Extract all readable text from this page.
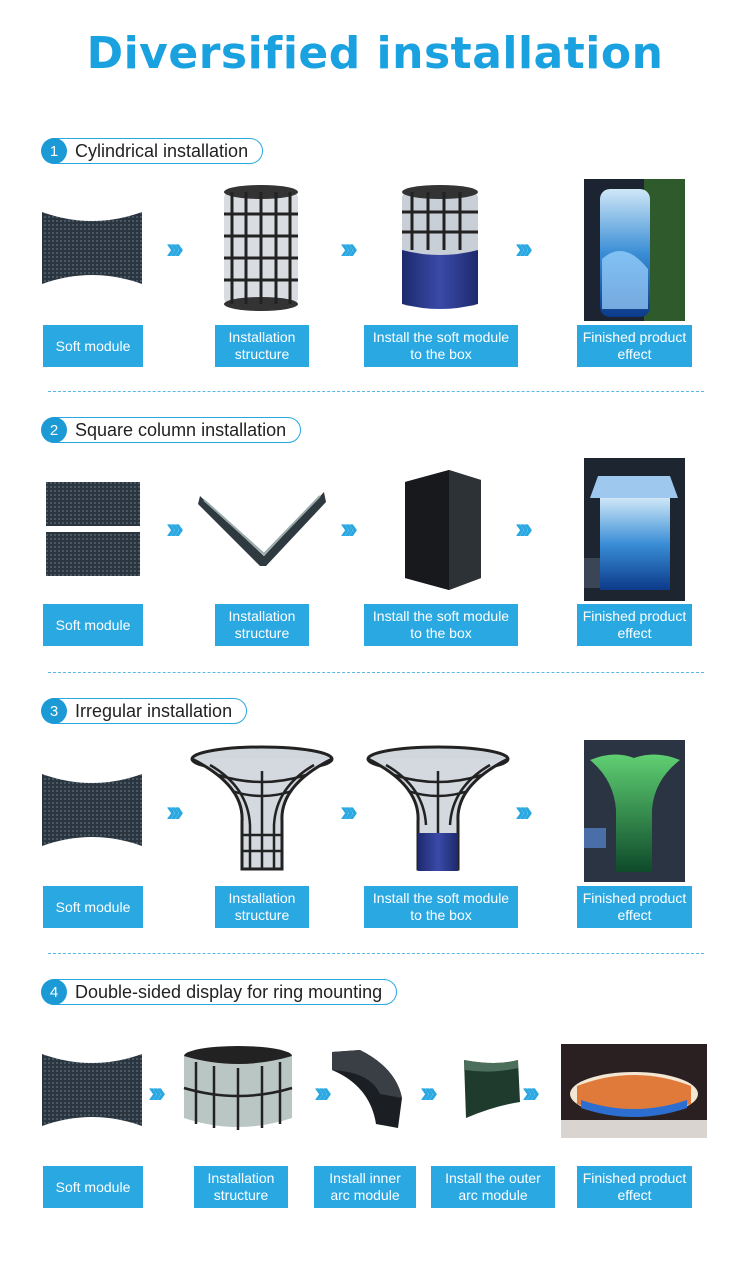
Diversified installation
1 Cylindrical installation
›››	›››	›››
Soft module
Installation structure
Install the soft module to the box
Finished product effect
2 Square column installation
›››	›››	›››
Soft module
Installation structure
Install the soft module to the box
Finished product effect
3 Irregular installation
›››	›››	›››
Soft module
Installation structure
Install the soft module to the box
Finished product effect
4 Double-sided display for ring mounting
›››	›››	›››	›››
Soft module
Installation structure
Install inner arc module
Install the outer arc module
Finished product effect
